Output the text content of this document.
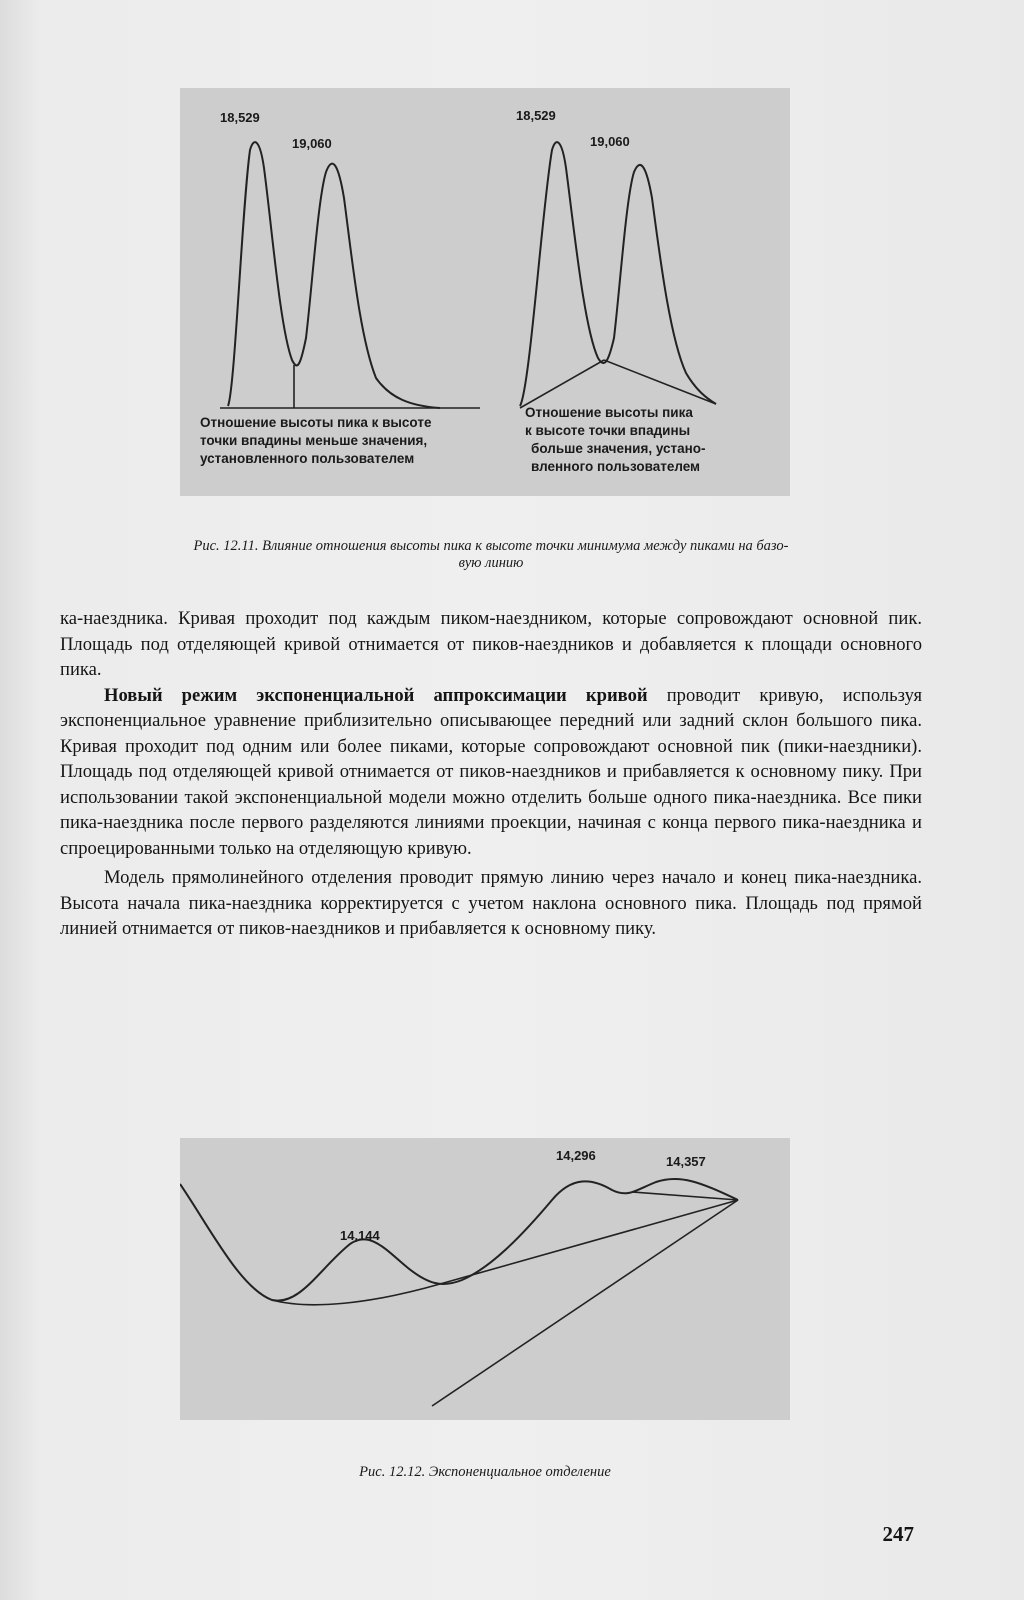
18,529
19,060
18,529
19,060
Отношение высоты пика к высоте
точки впадины меньше значения,
установленного пользователем
Отношение высоты пика
к высоте точки впадины
больше значения, устано-
вленного пользователем
Рис. 12.11. Влияние отношения высоты пика к высоте точки минимума между пиками на базо-
вую линию

ка-наездника. Кривая проходит под каждым пиком-наездником, которые сопровождают основной пик. Площадь под отделяющей кривой отнимается от пиков-наездников и добавляется к площади основного пика.

Новый режим экспоненциальной аппроксимации кривой проводит кривую, используя экспоненциальное уравнение приблизительно описывающее передний или задний склон большого пика. Кривая проходит под одним или более пиками, которые сопровождают основной пик (пики-наездники). Площадь под отделяющей кривой отнимается от пиков-наездников и прибавляется к основному пику. При использовании такой экспоненциальной модели можно отделить больше одного пика-наездника. Все пики пика-наездника после первого разделяются линиями проекции, начиная с конца первого пика-наездника и спроецированными только на отделяющую кривую.

Модель прямолинейного отделения проводит прямую линию через начало и конец пика-наездника. Высота начала пика-наездника корректируется с учетом наклона основного пика. Площадь под прямой линией отнимается от пиков-наездников и прибавляется к основному пику.

14,144
14,296	14,357
Рис. 12.12. Экспоненциальное отделение
247
